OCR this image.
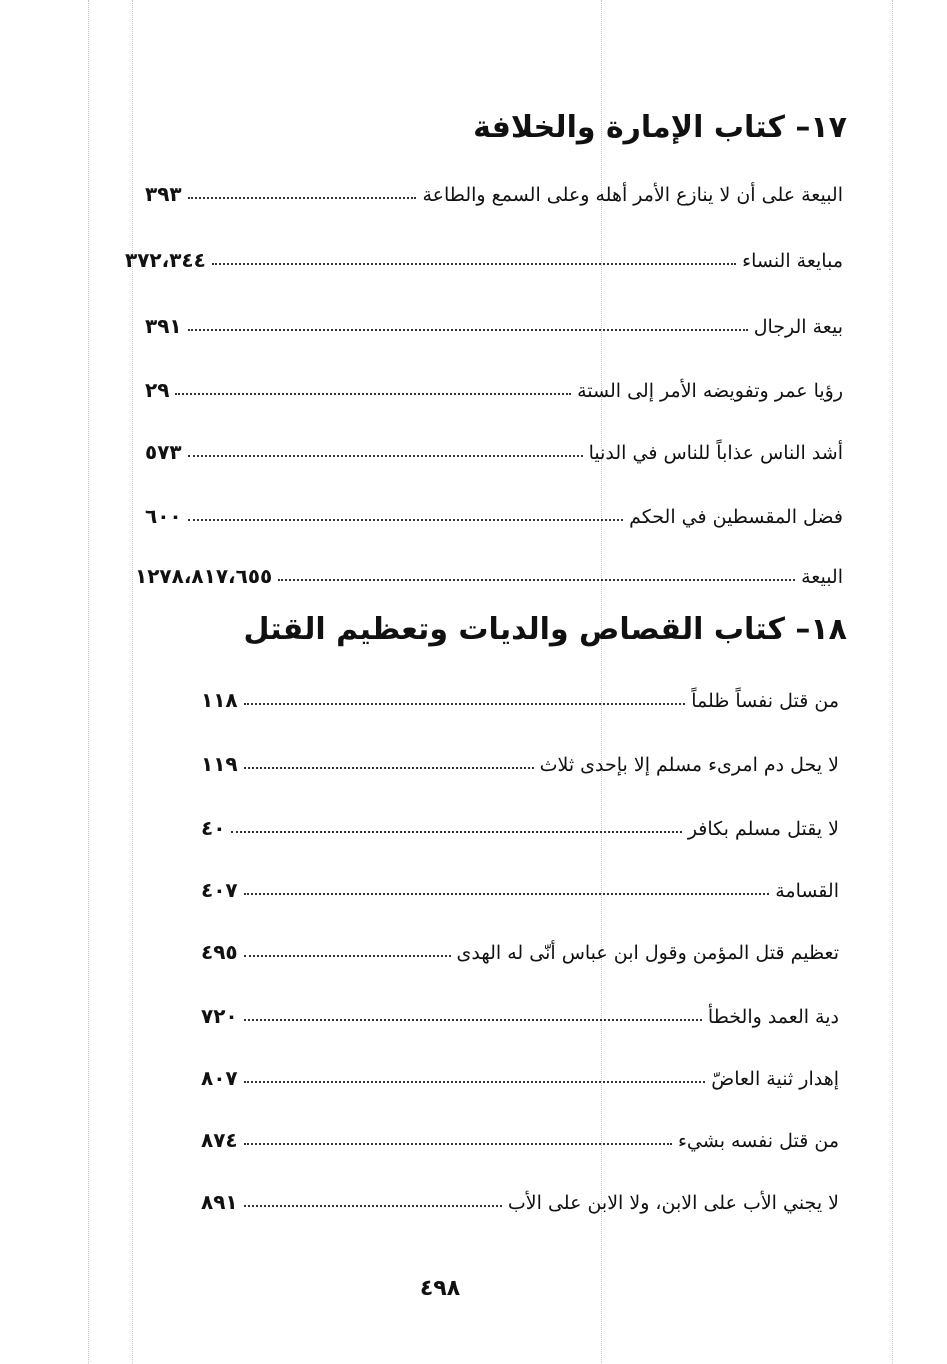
١٧– كتاب الإمارة والخلافة
البيعة على أن لا ينازع الأمر أهله وعلى السمع والطاعة
٣٩٣
مبايعة النساء
٣٧٢،٣٤٤
بيعة الرجال
٣٩١
رؤيا عمر وتفويضه الأمر إلى الستة
٢٩
أشد الناس عذاباً للناس في الدنيا
٥٧٣
فضل المقسطين في الحكم
٦٠٠
البيعة
١٢٧٨،٨١٧،٦٥٥
١٨– كتاب القصاص والديات وتعظيم القتل
من قتل نفساً ظلماً
١١٨
لا يحل دم امرىء مسلم إلا بإحدى ثلاث
١١٩
لا يقتل مسلم بكافر
٤٠
القسامة
٤٠٧
تعظيم قتل المؤمن وقول ابن عباس أنّى له الهدى
٤٩٥
دية العمد والخطأ
٧٢٠
إهدار ثنية العاضّ
٨٠٧
من قتل نفسه بشيء
٨٧٤
لا يجني الأب على الابن، ولا الابن على الأب
٨٩١
٤٩٨
